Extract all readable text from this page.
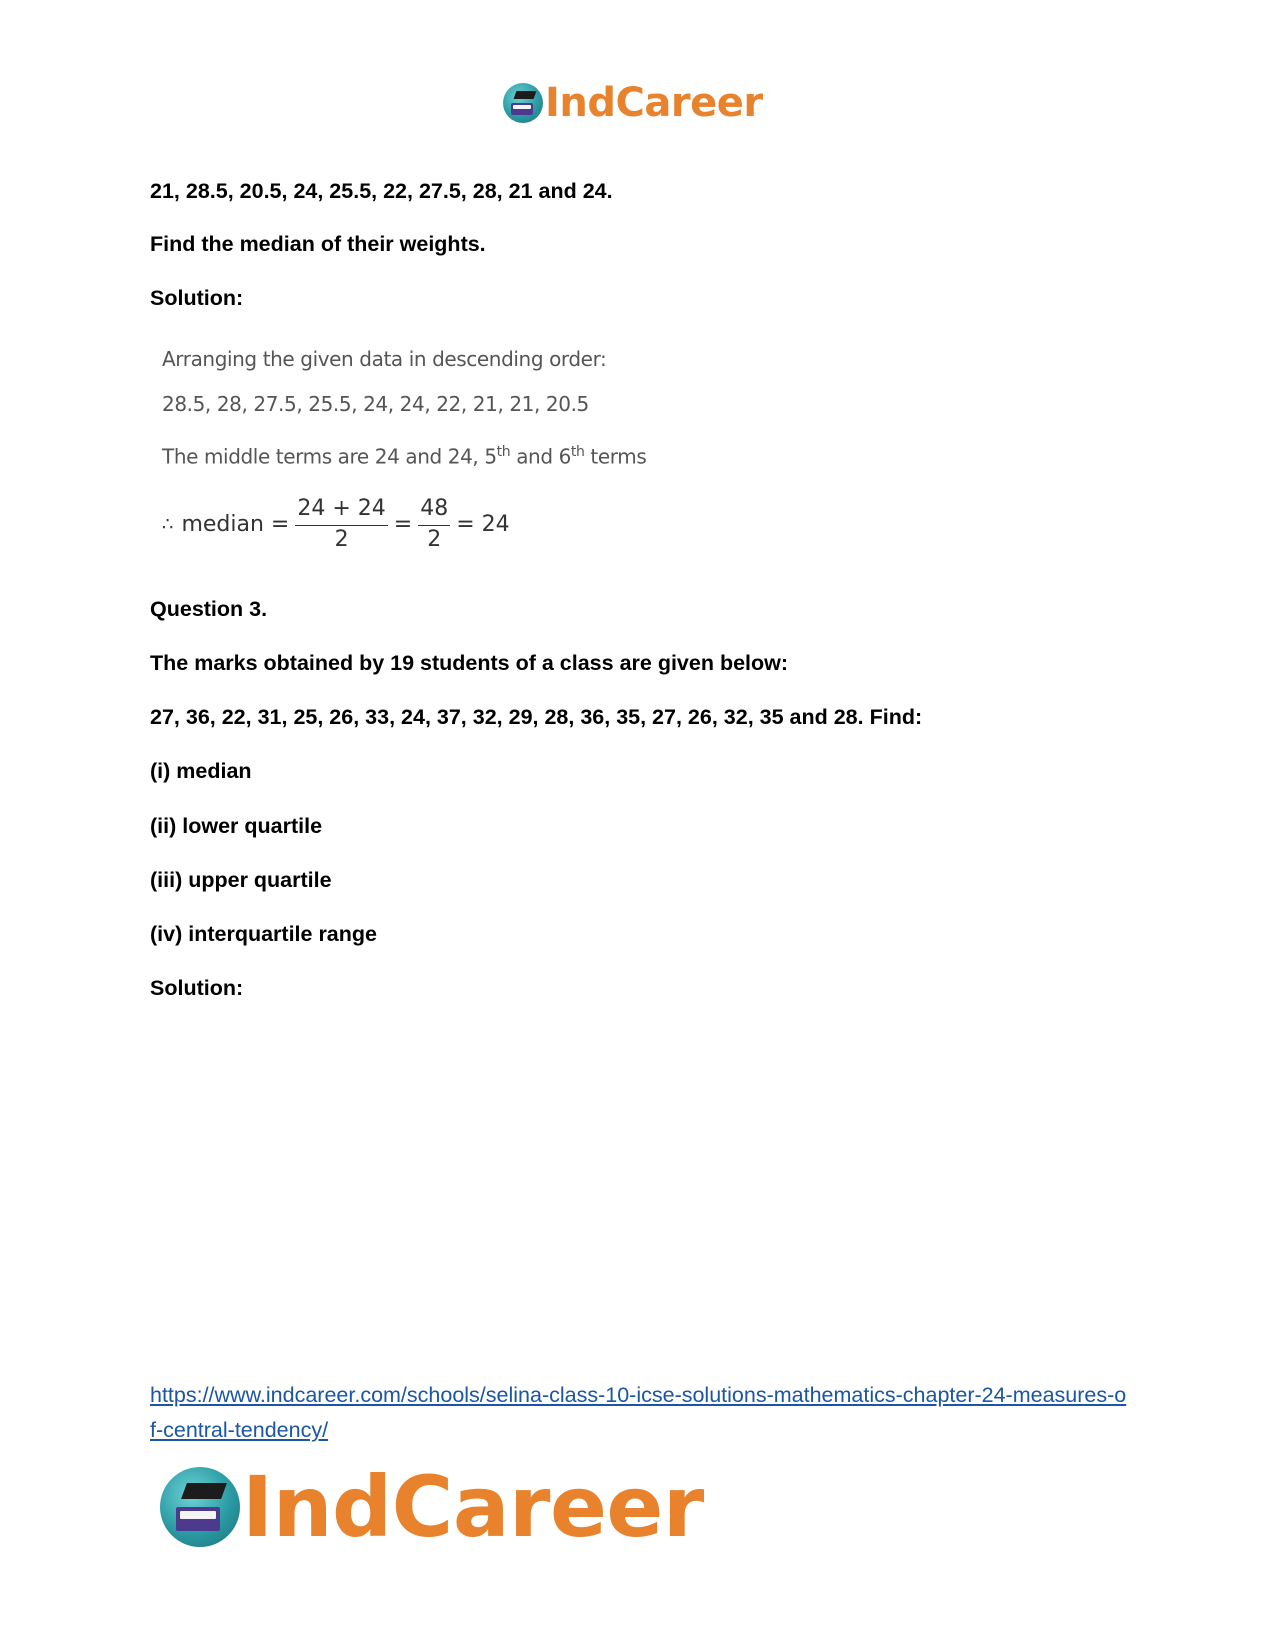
IndCareer
21, 28.5, 20.5, 24, 25.5, 22, 27.5, 28, 21 and 24.
Find the median of their weights.
Solution:
Arranging the given data in descending order:
28.5, 28, 27.5, 25.5, 24, 24, 22, 21, 21, 20.5
The middle terms are 24 and 24, 5th and 6th terms
∴ median = $\frac{24 + 24}{2} = \frac{48}{2} = 24$
Question 3.
The marks obtained by 19 students of a class are given below:
27, 36, 22, 31, 25, 26, 33, 24, 37, 32, 29, 28, 36, 35, 27, 26, 32, 35 and 28. Find:
(i) median
(ii) lower quartile
(iii) upper quartile
(iv) interquartile range
Solution:
https://www.indcareer.com/schools/selina-class-10-icse-solutions-mathematics-chapter-24-measures-of-central-tendency/
IndCareer
